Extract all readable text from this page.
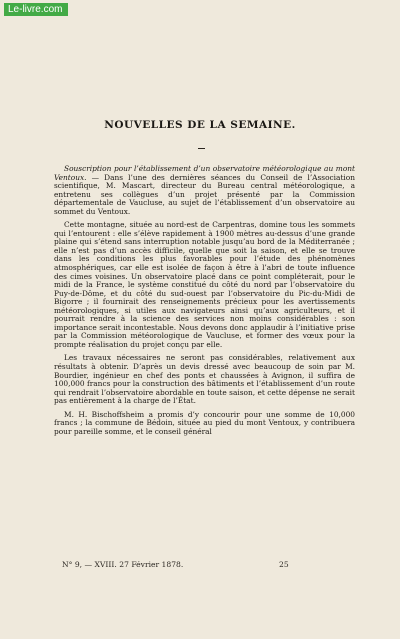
Le-livre.com
NOUVELLES DE LA SEMAINE.

Souscription pour l’établissement d’un observatoire météorologique au mont Ventoux. — Dans l’une des dernières séances du Conseil de l’Association scientifique, M. Mascart, directeur du Bureau central météorologique, a entretenu ses collègues d’un projet présenté par la Commission départementale de Vaucluse, au sujet de l’établissement d’un observatoire au sommet du Ventoux.

Cette montagne, située au nord-est de Carpentras, domine tous les sommets qui l’entourent : elle s’élève rapidement à 1900 mètres au-dessus d’une grande plaine qui s’étend sans interruption notable jusqu’au bord de la Méditerranée ; elle n’est pas d’un accès difficile, quelle que soit la saison, et elle se trouve dans les conditions les plus favorables pour l’étude des phénomènes atmosphériques, car elle est isolée de façon à être à l’abri de toute influence des cimes voisines. Un observatoire placé dans ce point compléterait, pour le midi de la France, le système constitué du côté du nord par l’observatoire du Puy-de-Dôme, et du côté du sud-ouest par l’observatoire du Pic-du-Midi de Bigorre ; il fournirait des renseignements précieux pour les avertissements météorologiques, si utiles aux navigateurs ainsi qu’aux agriculteurs, et il pourrait rendre à la science des services non moins considérables : son importance serait incontestable. Nous devons donc applaudir à l’initiative prise par la Commission météorologique de Vaucluse, et former des vœux pour la prompte réalisation du projet conçu par elle.

Les travaux nécessaires ne seront pas considérables, relativement aux résultats à obtenir. D’après un devis dressé avec beaucoup de soin par M. Bourdier, ingénieur en chef des ponts et chaussées à Avignon, il suffira de 100,000 francs pour la construction des bâtiments et l’établissement d’un route qui rendrait l’observatoire abordable en toute saison, et cette dépense ne serait pas entièrement à la charge de l’État.

M. H. Bischoffsheim a promis d’y concourir pour une somme de 10,000 francs ; la commune de Bédoin, située au pied du mont Ventoux, y contribuera pour pareille somme, et le conseil général

N° 9, — XVIII. 27 Février 1878.	25
